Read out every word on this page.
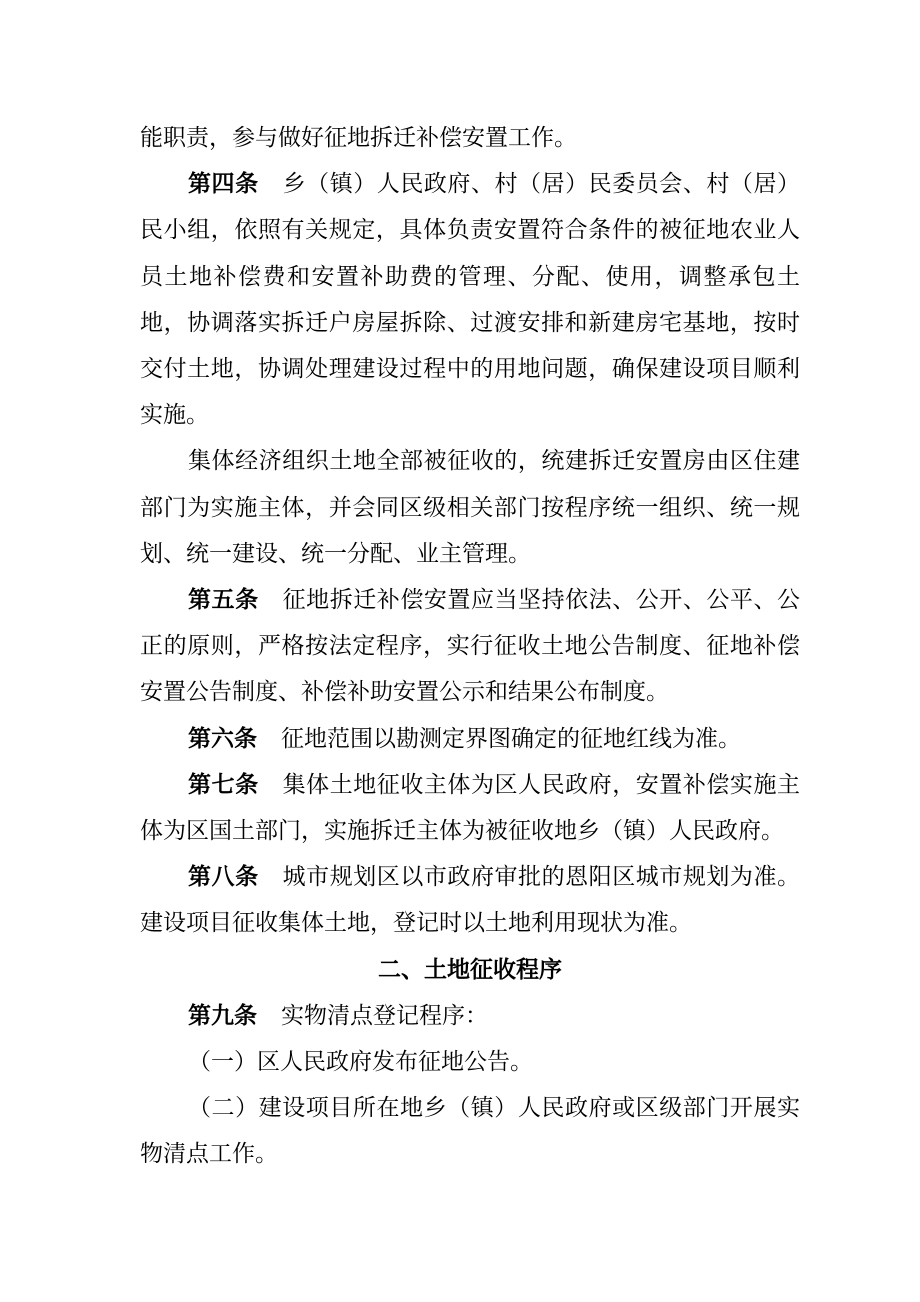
能职责，参与做好征地拆迁补偿安置工作。

第四条 乡（镇）人民政府、村（居）民委员会、村（居）民小组，依照有关规定，具体负责安置符合条件的被征地农业人员土地补偿费和安置补助费的管理、分配、使用，调整承包土地，协调落实拆迁户房屋拆除、过渡安排和新建房宅基地，按时交付土地，协调处理建设过程中的用地问题，确保建设项目顺利实施。

集体经济组织土地全部被征收的，统建拆迁安置房由区住建部门为实施主体，并会同区级相关部门按程序统一组织、统一规划、统一建设、统一分配、业主管理。

第五条 征地拆迁补偿安置应当坚持依法、公开、公平、公正的原则，严格按法定程序，实行征收土地公告制度、征地补偿安置公告制度、补偿补助安置公示和结果公布制度。

第六条 征地范围以勘测定界图确定的征地红线为准。

第七条 集体土地征收主体为区人民政府，安置补偿实施主体为区国土部门，实施拆迁主体为被征收地乡（镇）人民政府。

第八条 城市规划区以市政府审批的恩阳区城市规划为准。建设项目征收集体土地，登记时以土地利用现状为准。

二、土地征收程序

第九条 实物清点登记程序：

（一）区人民政府发布征地公告。

（二）建设项目所在地乡（镇）人民政府或区级部门开展实物清点工作。
